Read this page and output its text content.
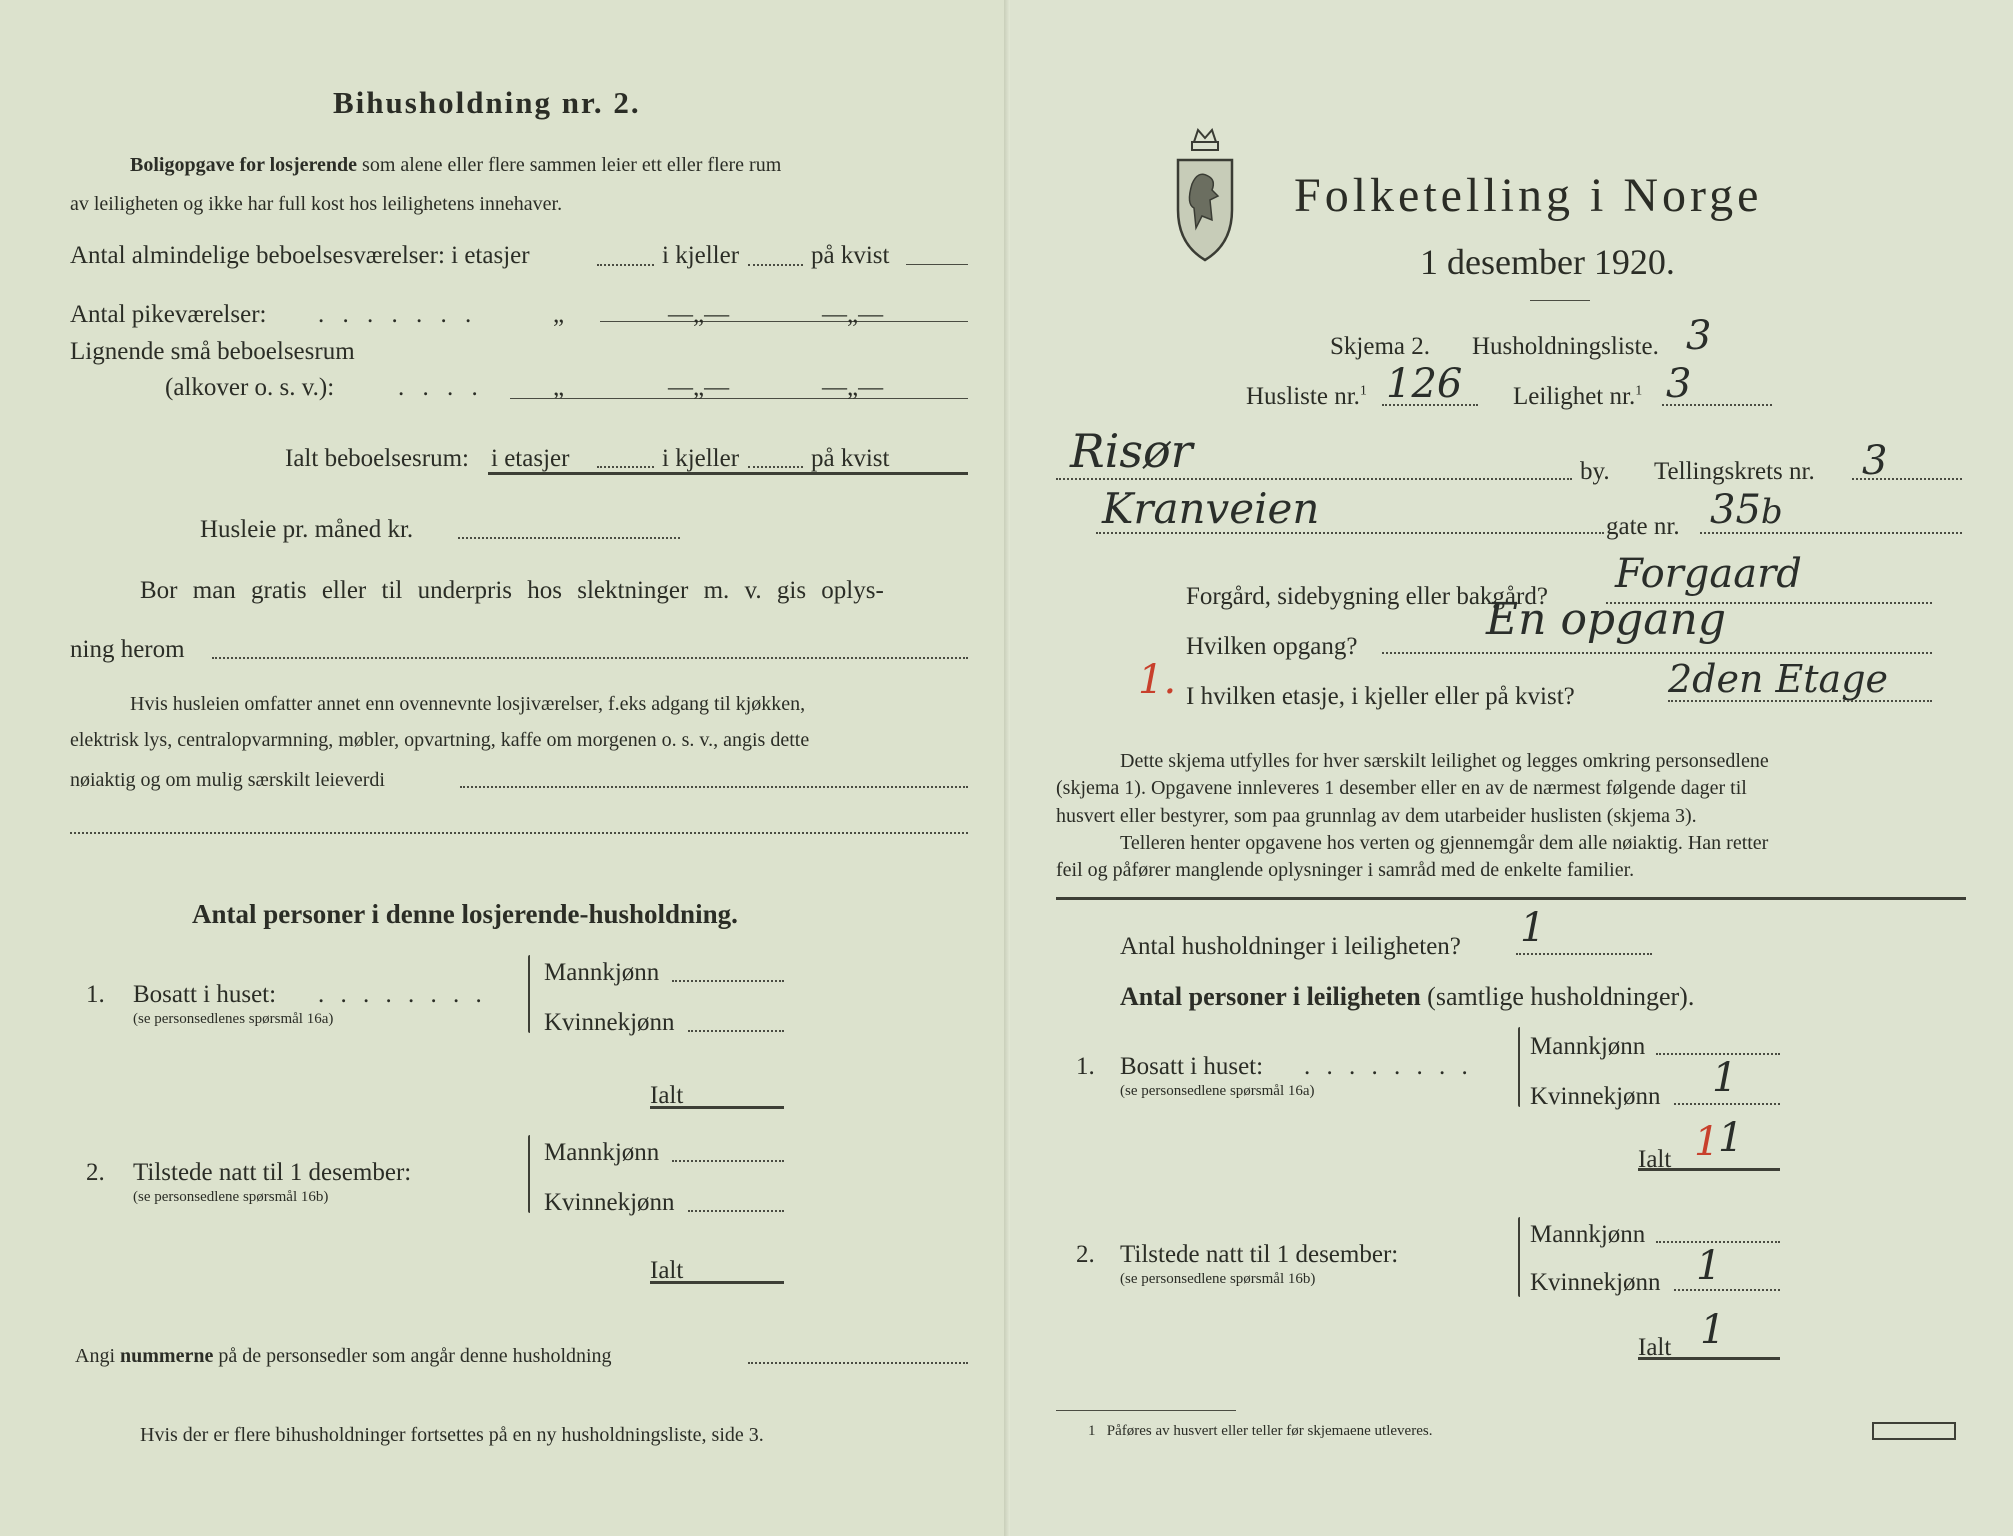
Bihusholdning nr. 2.
Boligopgave for losjerende som alene eller flere sammen leier ett eller flere rum
av leiligheten og ikke har full kost hos leilighetens innehaver.
Antal almindelige beboelsesværelser: i etasjer	i kjeller	på kvist
Antal pikeværelser: . . . . . . .	„	—„—	—„—
Lignende små beboelsesrum
(alkover o. s. v.):	. . . .	„	—„—	—„—
Ialt beboelsesrum: i etasjer	i kjeller	på kvist
Husleie pr. måned kr.
Bor man gratis eller til underpris hos slektninger m. v. gis oplys-
ning herom
Hvis husleien omfatter annet enn ovennevnte losjiværelser, f.eks adgang til kjøkken,
elektrisk lys, centralopvarmning, møbler, opvartning, kaffe om morgenen o. s. v., angis dette
nøiaktig og om mulig særskilt leieverdi
Antal personer i denne losjerende-husholdning.
1. Bosatt i huset: . . . . . . . .
(se personsedlenes spørsmål 16a)
Mannkjønn
Kvinnekjønn
Ialt
2. Tilstede natt til 1 desember:
(se personsedlene spørsmål 16b)
Mannkjønn
Kvinnekjønn
Ialt
Angi nummerne på de personsedler som angår denne husholdning
Hvis der er flere bihusholdninger fortsettes på en ny husholdningsliste, side 3.
Folketelling i Norge
1 desember 1920.
Skjema 2. Husholdningsliste. 3
Husliste nr.$^1$ 126 Leilighet nr.$^1$ 3
Risør	by. Tellingskrets nr. 3
Kranveien	gate nr. 35b
Forgård, sidebygning eller bakgård? Forgaard
Hvilken opgang?
En opgang
1. I hvilken etasje, i kjeller eller på kvist? 2den Etage
Dette skjema utfylles for hver særskilt leilighet og legges omkring personsedlene
(skjema 1). Opgavene innleveres 1 desember eller en av de nærmest følgende dager til
husvert eller bestyrer, som paa grunnlag av dem utarbeider huslisten (skjema 3).
Telleren henter opgavene hos verten og gjennemgår dem alle nøiaktig. Han retter
feil og påfører manglende oplysninger i samråd med de enkelte familier.
Antal husholdninger i leiligheten? 1
Antal personer i leiligheten (samtlige husholdninger).
1. Bosatt i huset: . . . . . . . .
(se personsedlene spørsmål 16a)
Mannkjønn
Kvinnekjønn 1
Ialt 1
1
2. Tilstede natt til 1 desember:
(se personsedlene spørsmål 16b)
Mannkjønn
Kvinnekjønn 1
Ialt 1
1 Påføres av husvert eller teller før skjemaene utleveres.
